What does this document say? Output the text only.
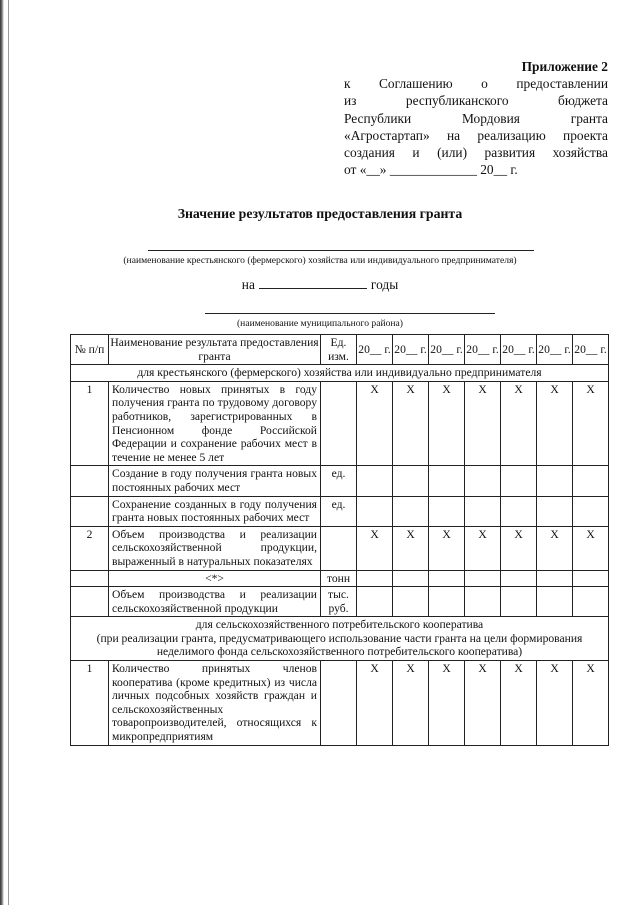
Приложение 2
к Соглашению о предоставлении
из республиканского бюджета
Республики Мордовия гранта
«Агростартап» на реализацию проекта
создания и (или) развития хозяйства
от «__» _____________ 20__ г.
Значение результатов предоставления гранта
(наименование крестьянского (фермерского) хозяйства или индивидуального предпринимателя)
на	годы
(наименование муниципального района)
№ п/п	Наименование результата предоставления гранта	Ед. изм.	20__ г.	20__ г.	20__ г.	20__ г.	20__ г.	20__ г.	20__ г.
для крестьянского (фермерского) хозяйства или индивидуально предпринимателя									
1	Количество новых принятых в году получения гранта по трудовому договору работников, зарегистрированных в Пенсионном фонде Российской Федерации и сохранение рабочих мест в течение не менее 5 лет		X	X	X	X	X	X	X
	Создание в году получения гранта новых постоянных рабочих мест	ед.							
	Сохранение созданных в году получения гранта новых постоянных рабочих мест	ед.							
2	Объем производства и реализации сельскохозяйственной продукции, выраженный в натуральных показателях		X	X	X	X	X	X	X
	<*>	тонн							
	Объем производства и реализации сельскохозяйственной продукции	тыс. руб.							

для сельскохозяйственного потребительского кооператива
(при реализации гранта, предусматривающего использование части гранта на цели формирования неделимого фонда сельскохозяйственного потребительского кооператива)									

1	Количество принятых членов кооператива (кроме кредитных) из числа личных подсобных хозяйств граждан и сельскохозяйственных товаропроизводителей, относящихся к микропредприятиям		X	X	X	X	X	X	X
